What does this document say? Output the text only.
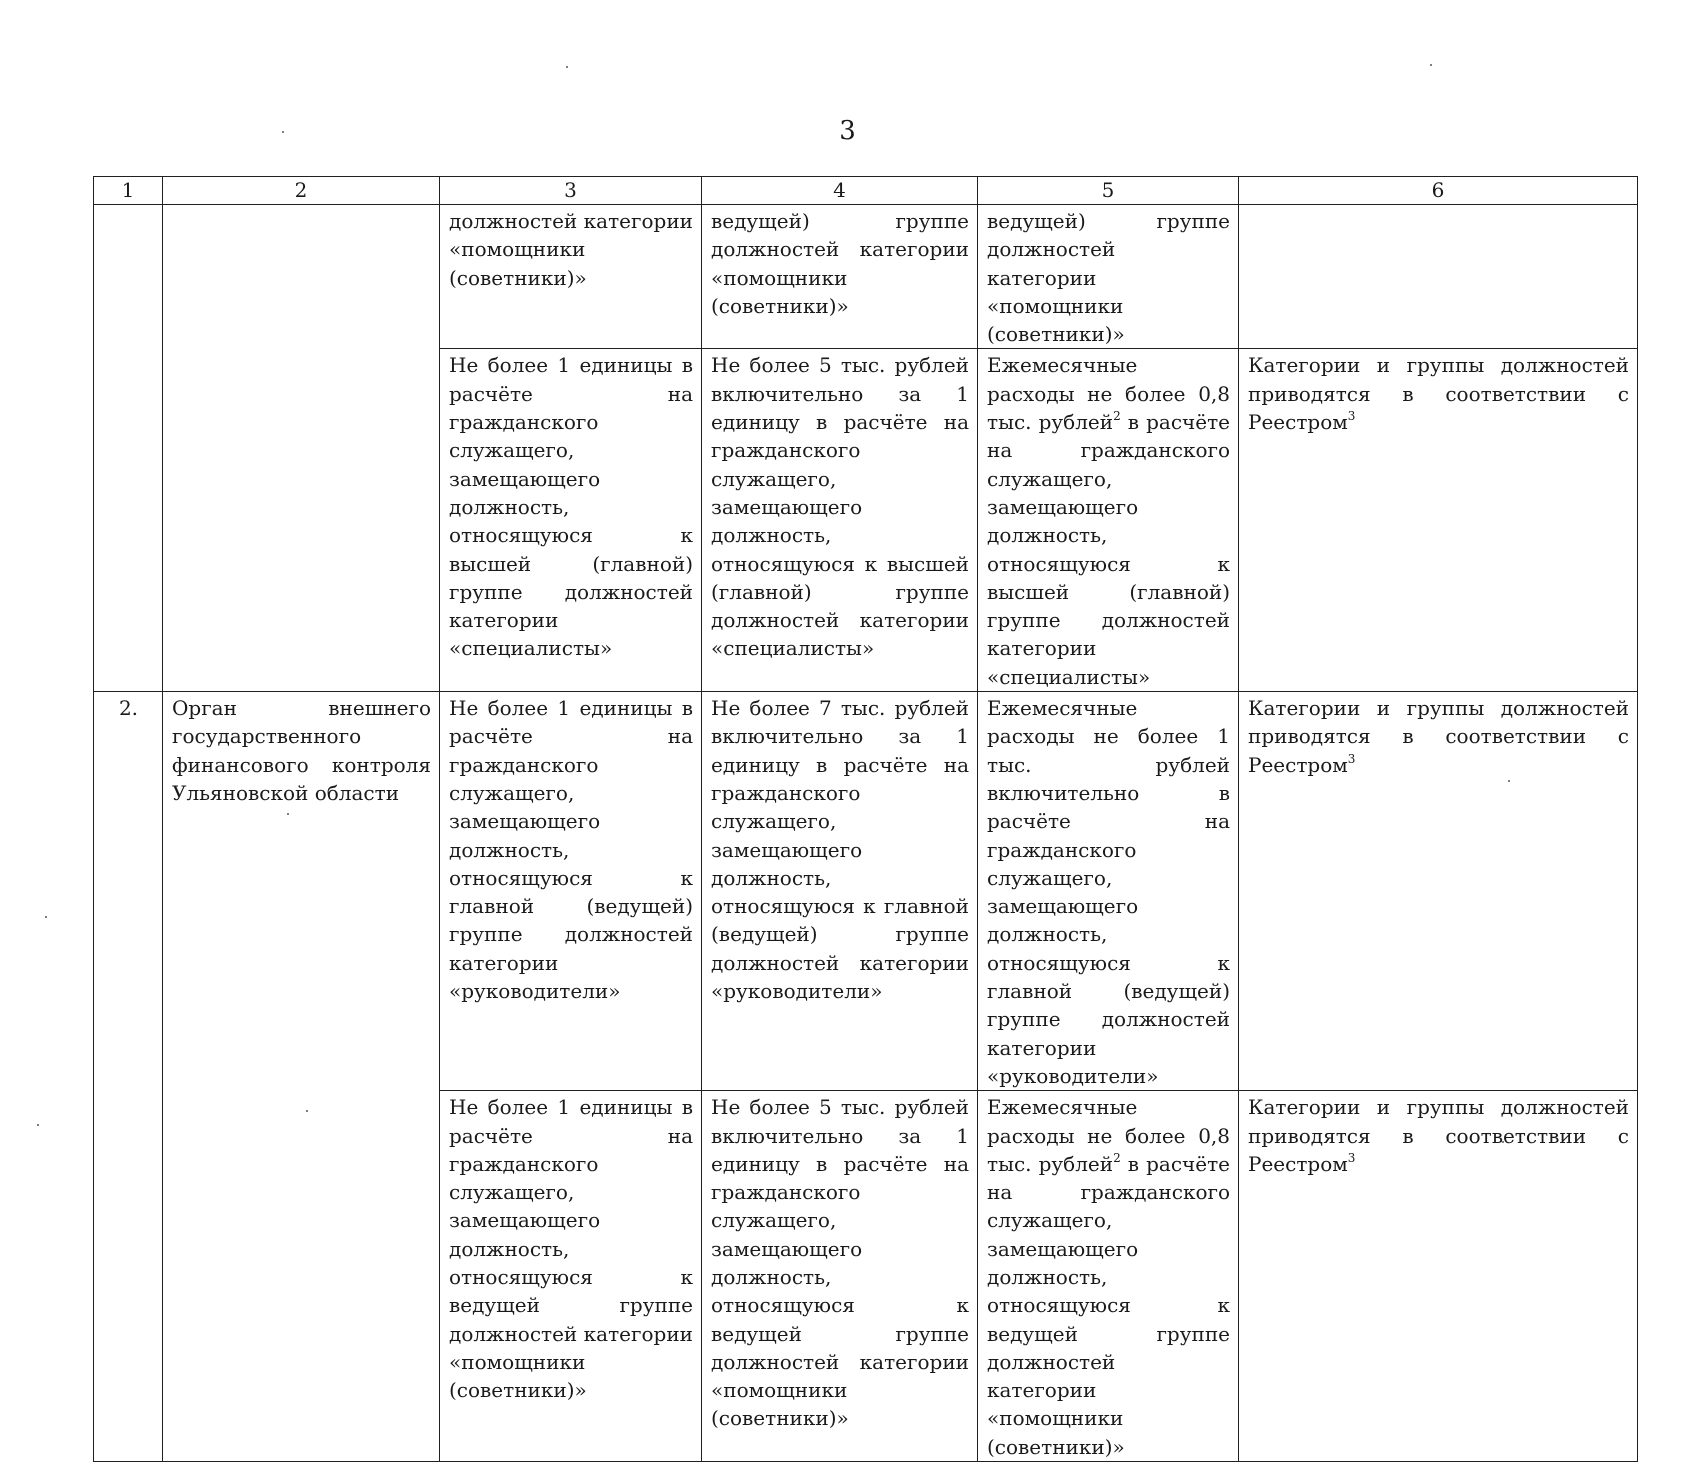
3
1	2	3	4	5	6
		должностей категории «помощники (советники)»	ведущей) группе должностей категории «помощники (советники)»	ведущей) группе должностей категории «помощники (советники)»	
		Не более 1 единицы в расчёте на гражданского служащего, замещающего должность, относящуюся к высшей (главной) группе должностей категории «специалисты»	Не более 5 тыс. рублей включительно за 1 единицу в расчёте на гражданского служащего, замещающего должность, относящуюся к высшей (главной) группе должностей категории «специалисты»	Ежемесячные расходы не более 0,8 тыс. рублей$^2$ в расчёте на гражданского служащего, замещающего должность, относящуюся к высшей (главной) группе должностей категории «специалисты»	Категории и группы должностей приводятся в соответствии с Реестром$^3$
2.	Орган внешнего государственного финансового контроля Ульяновской области	Не более 1 единицы в расчёте на гражданского служащего, замещающего должность, относящуюся к главной (ведущей) группе должностей категории «руководители»	Не более 7 тыс. рублей включительно за 1 единицу в расчёте на гражданского служащего, замещающего должность, относящуюся к главной (ведущей) группе должностей категории «руководители»	Ежемесячные расходы не более 1 тыс. рублей включительно в расчёте на гражданского служащего, замещающего должность, относящуюся к главной (ведущей) группе должностей категории «руководители»	Категории и группы должностей приводятся в соответствии с Реестром$^3$
		Не более 1 единицы в расчёте на гражданского служащего, замещающего должность, относящуюся к ведущей группе должностей категории «помощники (советники)»	Не более 5 тыс. рублей включительно за 1 единицу в расчёте на гражданского служащего, замещающего должность, относящуюся к ведущей группе должностей категории «помощники (советники)»	Ежемесячные расходы не более 0,8 тыс. рублей$^2$ в расчёте на гражданского служащего, замещающего должность, относящуюся к ведущей группе должностей категории «помощники (советники)»	Категории и группы должностей приводятся в соответствии с Реестром$^3$
